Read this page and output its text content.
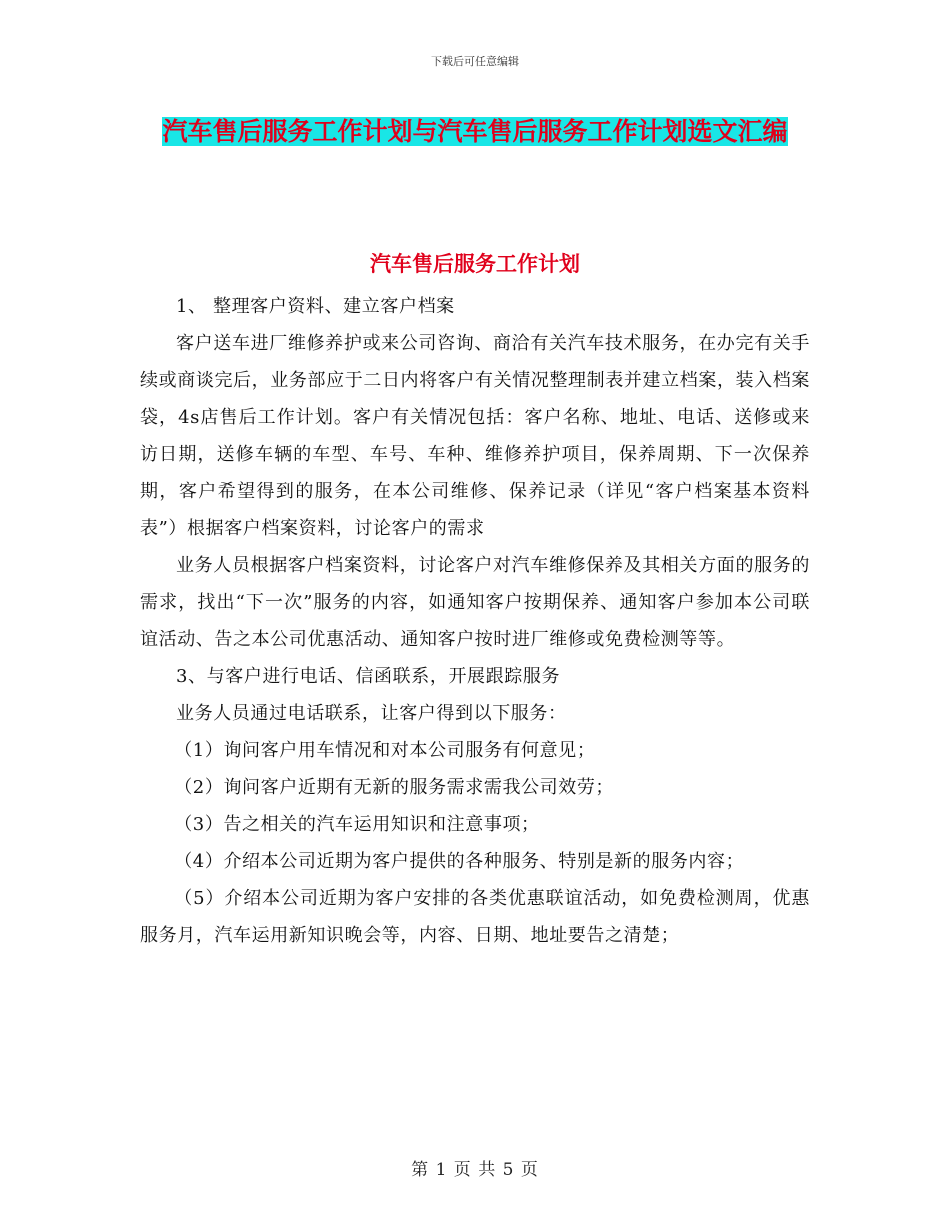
下载后可任意编辑
汽车售后服务工作计划与汽车售后服务工作计划选文汇编
汽车售后服务工作计划

1、 整理客户资料、建立客户档案

客户送车进厂维修养护或来公司咨询、商洽有关汽车技术服务，在办完有关手续或商谈完后，业务部应于二日内将客户有关情况整理制表并建立档案，装入档案袋，4s店售后工作计划。客户有关情况包括：客户名称、地址、电话、送修或来访日期，送修车辆的车型、车号、车种、维修养护项目，保养周期、下一次保养期，客户希望得到的服务，在本公司维修、保养记录（详见“客户档案基本资料表”）根据客户档案资料，讨论客户的需求

业务人员根据客户档案资料，讨论客户对汽车维修保养及其相关方面的服务的需求，找出“下一次”服务的内容，如通知客户按期保养、通知客户参加本公司联谊活动、告之本公司优惠活动、通知客户按时进厂维修或免费检测等等。

3、与客户进行电话、信函联系，开展跟踪服务

业务人员通过电话联系，让客户得到以下服务：

（1）询问客户用车情况和对本公司服务有何意见；

（2）询问客户近期有无新的服务需求需我公司效劳；

（3）告之相关的汽车运用知识和注意事项；

（4）介绍本公司近期为客户提供的各种服务、特别是新的服务内容；

（5）介绍本公司近期为客户安排的各类优惠联谊活动，如免费检测周，优惠服务月，汽车运用新知识晚会等，内容、日期、地址要告之清楚；

第 1 页 共 5 页
